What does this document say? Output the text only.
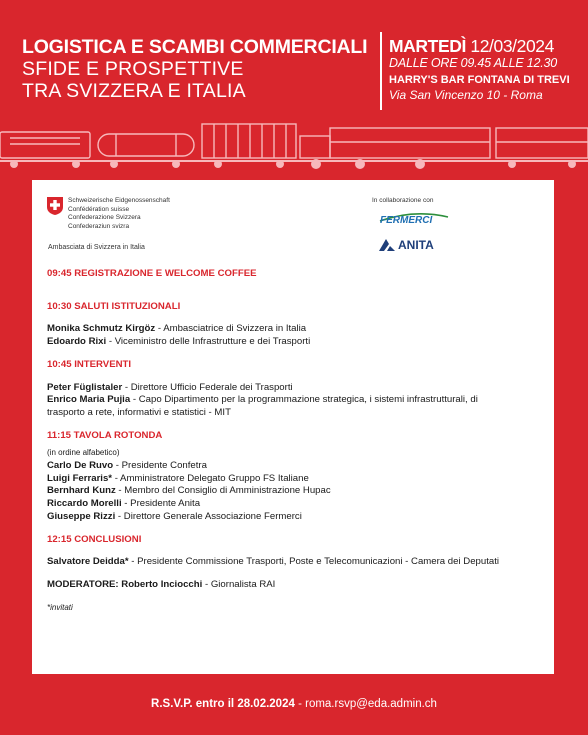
LOGISTICA E SCAMBI COMMERCIALI
SFIDE E PROSPETTIVE
TRA SVIZZERA E ITALIA
MARTEDÌ 12/03/2024
DALLE ORE 09.45 ALLE 12.30
HARRY'S BAR FONTANA DI TREVI
Via San Vincenzo 10 - Roma
Schweizerische Eidgenossenschaft
Confédération suisse
Confederazione Svizzera
Confederaziun svizra
Ambasciata di Svizzera in Italia
In collaborazione con
FERMERCI
ANITA
09:45 REGISTRAZIONE E WELCOME COFFEE
10:30 SALUTI ISTITUZIONALI
Monika Schmutz Kirgöz - Ambasciatrice di Svizzera in Italia
Edoardo Rixi - Viceministro delle Infrastrutture e dei Trasporti
10:45 INTERVENTI
Peter Füglistaler - Direttore Ufficio Federale dei Trasporti
Enrico Maria Pujia - Capo Dipartimento per la programmazione strategica, i sistemi infrastrutturali, di trasporto a rete, informativi e statistici - MIT
11:15 TAVOLA ROTONDA
(in ordine alfabetico)
Carlo De Ruvo - Presidente Confetra
Luigi Ferraris* - Amministratore Delegato Gruppo FS Italiane
Bernhard Kunz - Membro del Consiglio di Amministrazione Hupac
Riccardo Morelli - Presidente Anita
Giuseppe Rizzi - Direttore Generale Associazione Fermerci
12:15 CONCLUSIONI
Salvatore Deidda* - Presidente Commissione Trasporti, Poste e Telecomunicazioni - Camera dei Deputati
MODERATORE: Roberto Inciocchi - Giornalista RAI
*invitati
R.S.V.P. entro il 28.02.2024 - roma.rsvp@eda.admin.ch
